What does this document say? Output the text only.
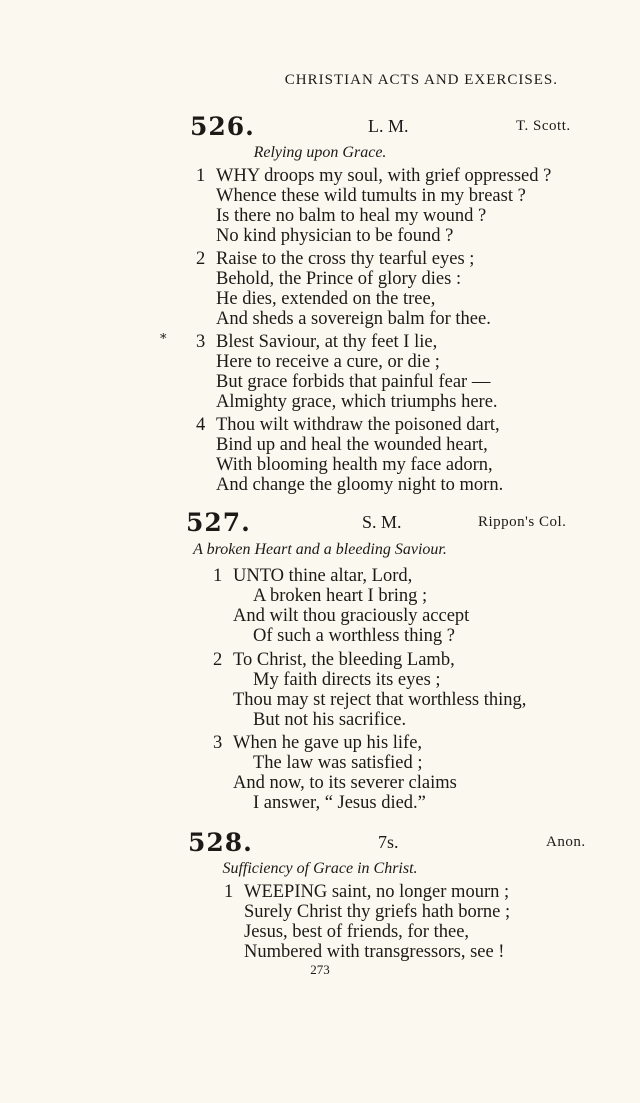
CHRISTIAN ACTS AND EXERCISES.
526.	L. M.	T. Scott.
Relying upon Grace.
1 WHY droops my soul, with grief oppressed ?
Whence these wild tumults in my breast ?
Is there no balm to heal my wound ?
No kind physician to be found ?
2 Raise to the cross thy tearful eyes ;
Behold, the Prince of glory dies :
He dies, extended on the tree,
And sheds a sovereign balm for thee.
* 3 Blest Saviour, at thy feet I lie,
Here to receive a cure, or die ;
But grace forbids that painful fear —
Almighty grace, which triumphs here.
4 Thou wilt withdraw the poisoned dart,
Bind up and heal the wounded heart,
With blooming health my face adorn,
And change the gloomy night to morn.
527.	S. M.	Rippon's Col.
A broken Heart and a bleeding Saviour.
1 UNTO thine altar, Lord,
A broken heart I bring ;
And wilt thou graciously accept
Of such a worthless thing ?
2 To Christ, the bleeding Lamb,
My faith directs its eyes ;
Thou may st reject that worthless thing,
But not his sacrifice.
3 When he gave up his life,
The law was satisfied ;
And now, to its severer claims
I answer, “ Jesus died.”
528.	7s.	Anon.
Sufficiency of Grace in Christ.
1 WEEPING saint, no longer mourn ;
Surely Christ thy griefs hath borne ;
Jesus, best of friends, for thee,
Numbered with transgressors, see !
273
